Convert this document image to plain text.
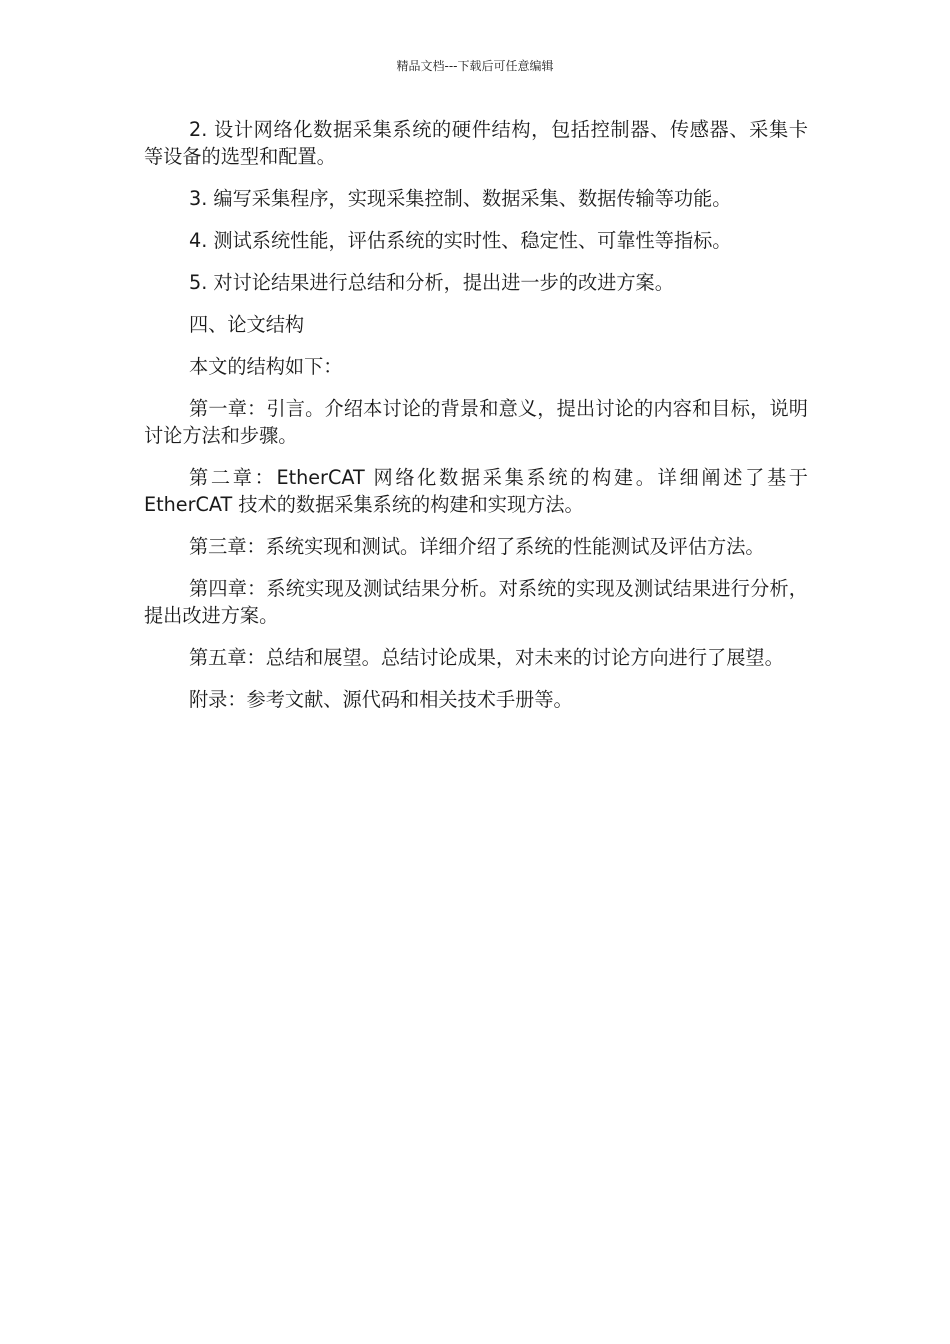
精品文档---下载后可任意编辑

2. 设计网络化数据采集系统的硬件结构，包括控制器、传感器、采集卡等设备的选型和配置。

3. 编写采集程序，实现采集控制、数据采集、数据传输等功能。

4. 测试系统性能，评估系统的实时性、稳定性、可靠性等指标。

5. 对讨论结果进行总结和分析，提出进一步的改进方案。

四、论文结构

本文的结构如下：

第一章：引言。介绍本讨论的背景和意义，提出讨论的内容和目标，说明讨论方法和步骤。

第二章：EtherCAT 网络化数据采集系统的构建。详细阐述了基于 EtherCAT 技术的数据采集系统的构建和实现方法。

第三章：系统实现和测试。详细介绍了系统的性能测试及评估方法。

第四章：系统实现及测试结果分析。对系统的实现及测试结果进行分析，提出改进方案。

第五章：总结和展望。总结讨论成果，对未来的讨论方向进行了展望。

附录：参考文献、源代码和相关技术手册等。
